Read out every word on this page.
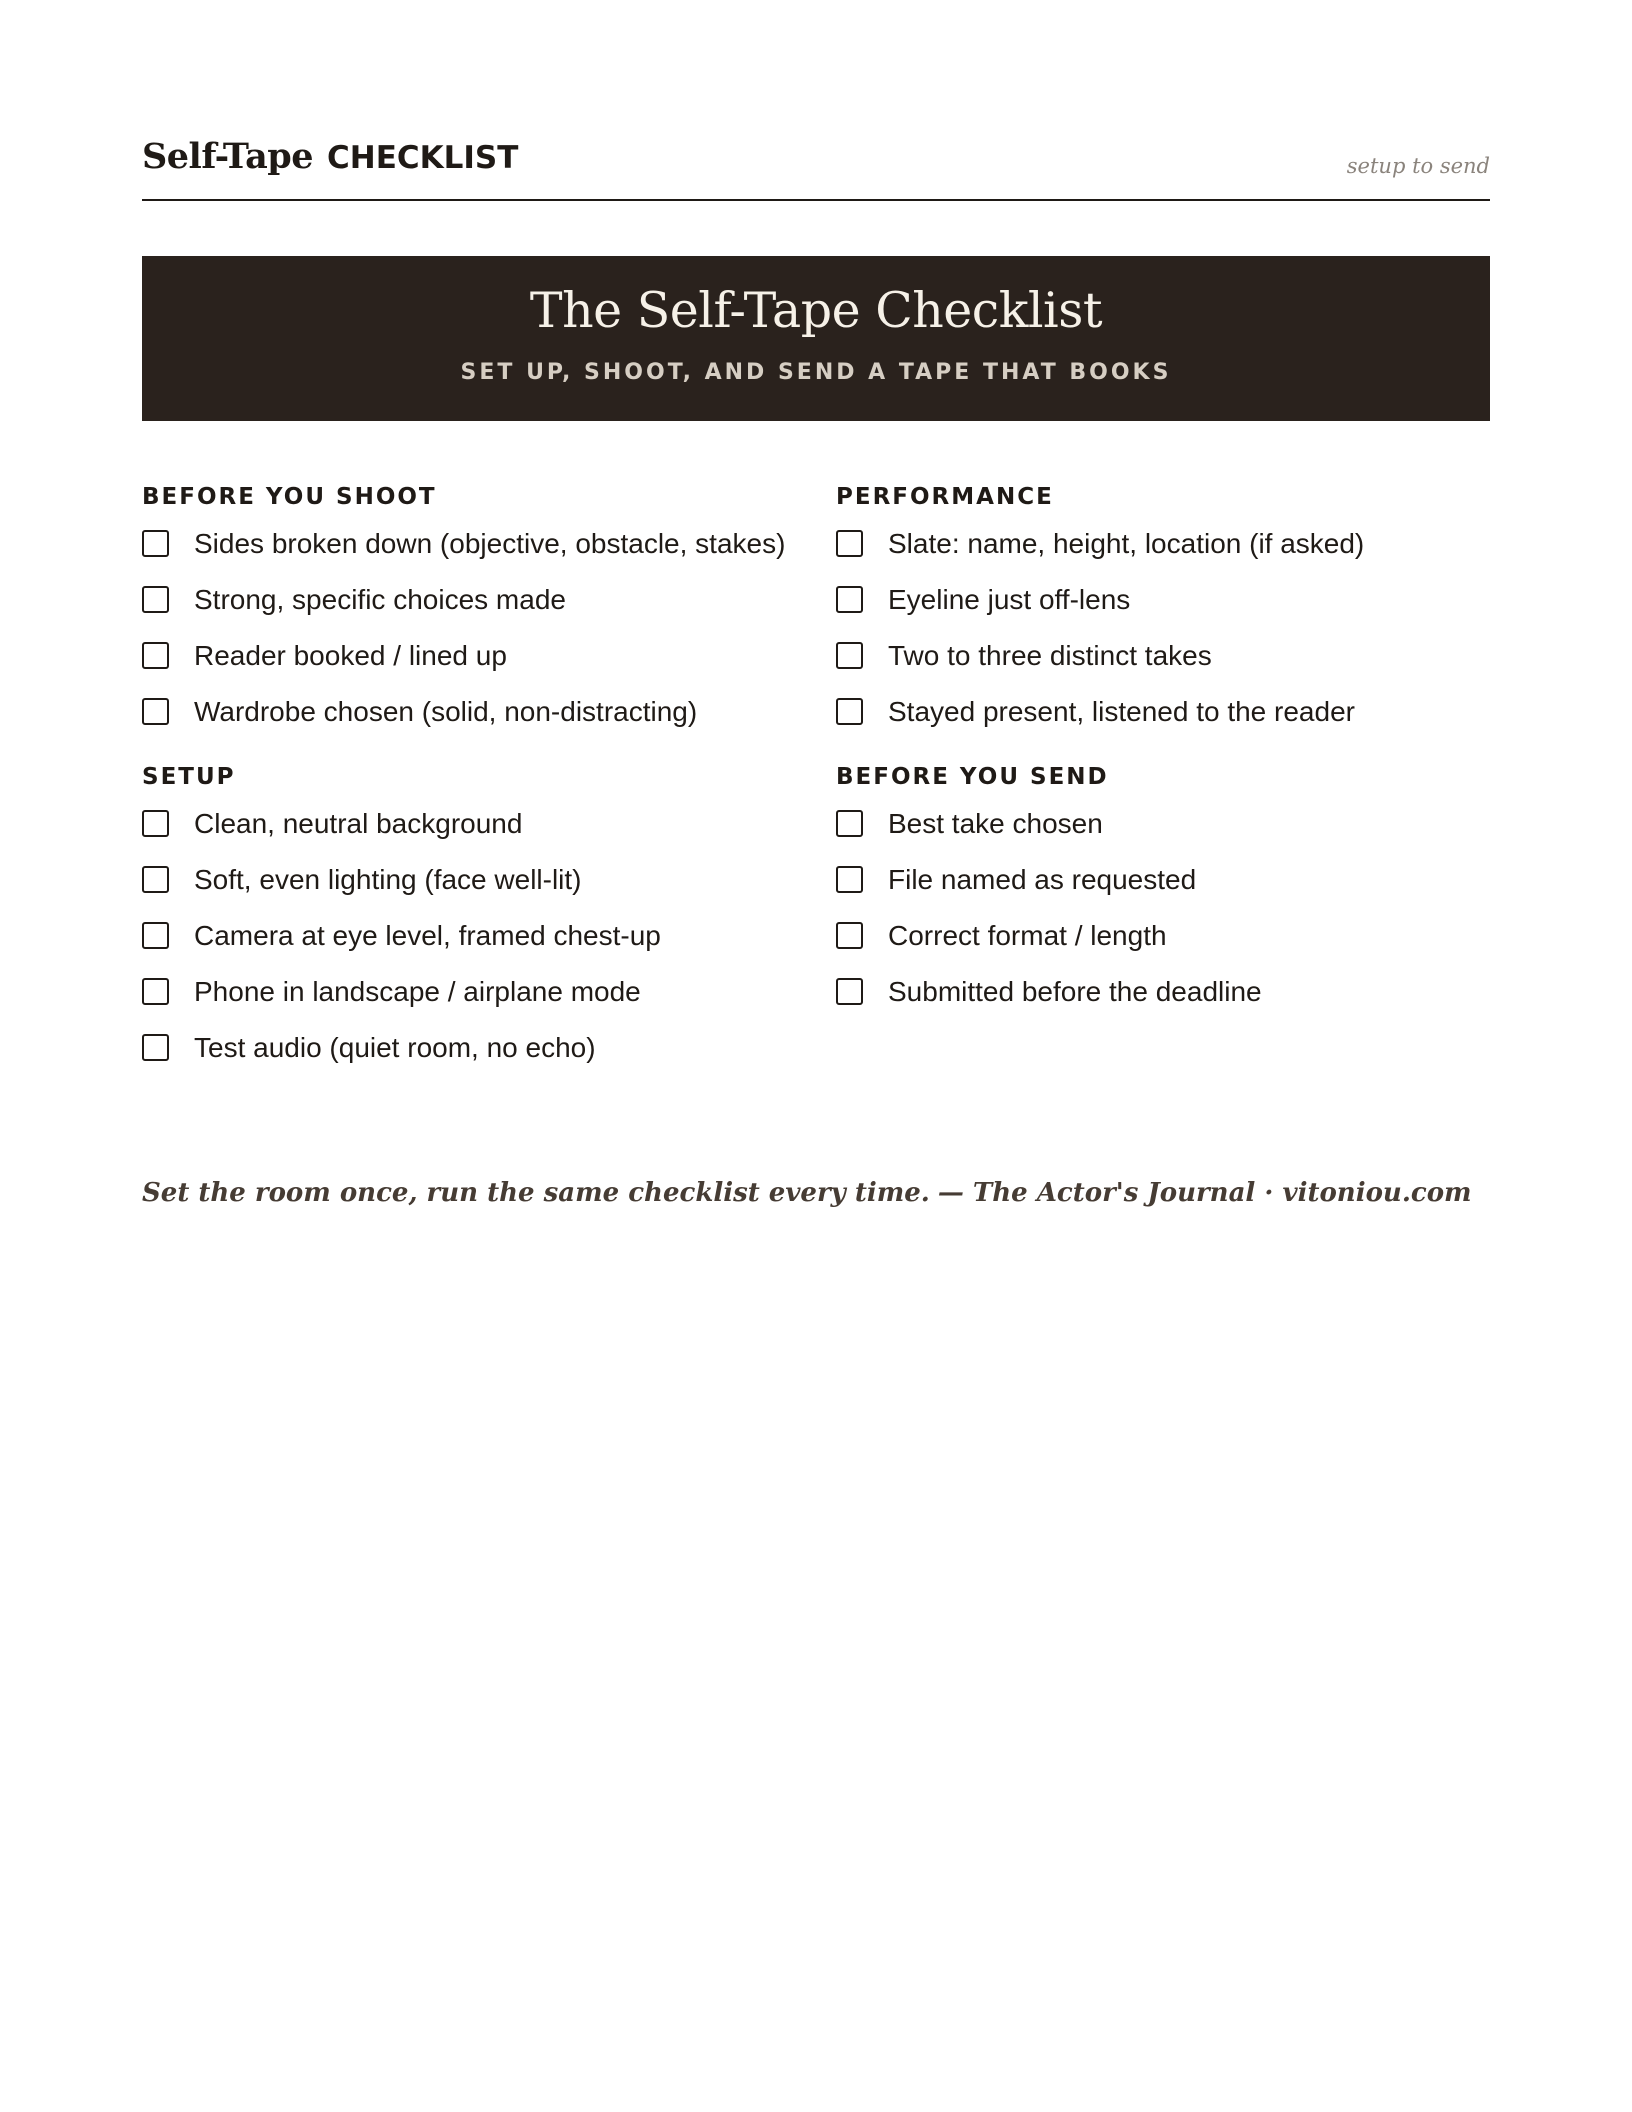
Self-Tape CHECKLIST	setup to send
The Self-Tape Checklist
SET UP, SHOOT, AND SEND A TAPE THAT BOOKS
BEFORE YOU SHOOT
Sides broken down (objective, obstacle, stakes)
Strong, specific choices made
Reader booked / lined up
Wardrobe chosen (solid, non-distracting)
SETUP
Clean, neutral background
Soft, even lighting (face well-lit)
Camera at eye level, framed chest-up
Phone in landscape / airplane mode
Test audio (quiet room, no echo)
PERFORMANCE
Slate: name, height, location (if asked)
Eyeline just off-lens
Two to three distinct takes
Stayed present, listened to the reader
BEFORE YOU SEND
Best take chosen
File named as requested
Correct format / length
Submitted before the deadline
Set the room once, run the same checklist every time. — The Actor's Journal · vitoniou.com
